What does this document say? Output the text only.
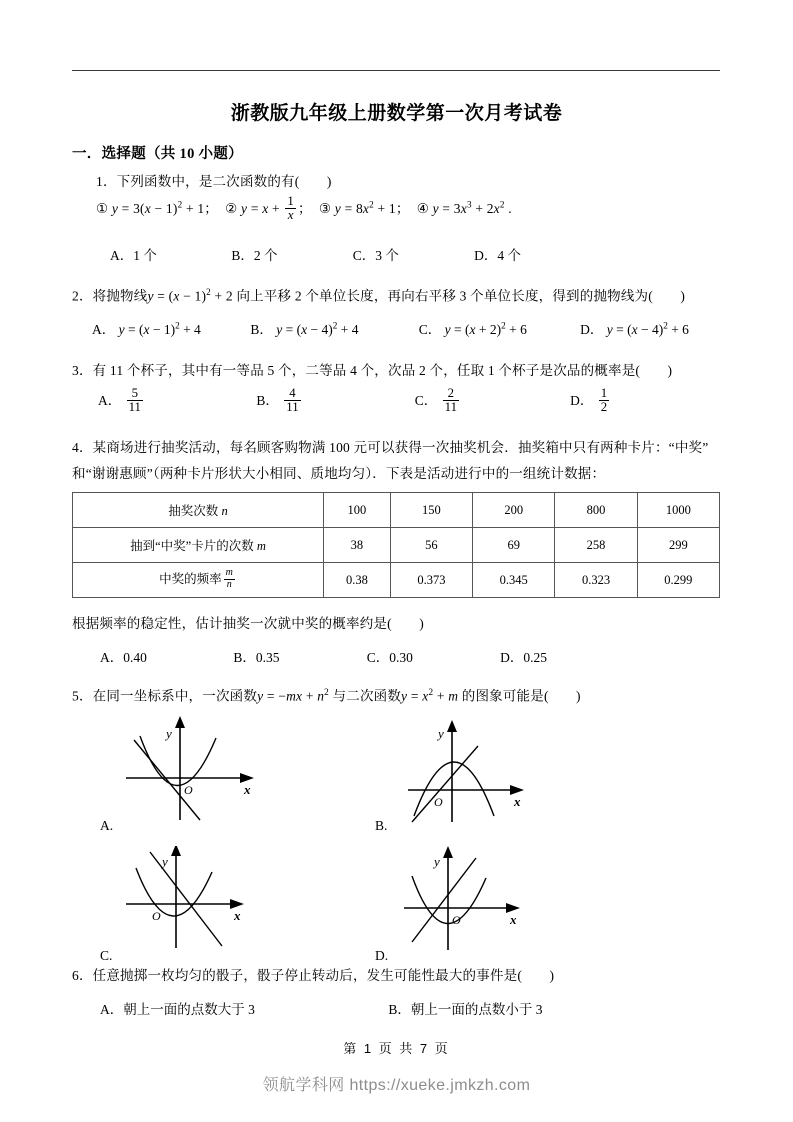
浙教版九年级上册数学第一次月考试卷
一．选择题（共 10 小题）
1．下列函数中，是二次函数的有(　　)
① $y = 3(x - 1)^2 + 1$；  ② $y = x + \frac{1}{x}$ ；  ③ $y = 8x^2 + 1$；  ④ $y = 3x^3 + 2x^2$ .
A．1 个	B．2 个	C．3 个	D．4 个
2．将抛物线$y = (x - 1)^2 + 2$ 向上平移 2 个单位长度，再向右平移 3 个单位长度，得到的抛物线为(　　)
A． $y = (x - 1)^2 + 4$	B． $y = (x - 4)^2 + 4$	C． $y = (x + 2)^2 + 6$	D． $y = (x - 4)^2 + 6$
3．有 11 个杯子，其中有一等品 5 个，二等品 4 个，次品 2 个，任取 1 个杯子是次品的概率是(　　)
A． $\frac{5}{11}$	B． $\frac{4}{11}$	C． $\frac{2}{11}$	D． $\frac{1}{2}$
4．某商场进行抽奖活动，每名顾客购物满 100 元可以获得一次抽奖机会．抽奖箱中只有两种卡片：“中奖”
和“谢谢惠顾”（两种卡片形状大小相同、质地均匀）．下表是活动进行中的一组统计数据：
抽奖次数 n	100	150	200	800	1000
抽到“中奖”卡片的次数 m	38	56	69	258	299
中奖的频率 $\frac{m}{n}$	0.38	0.373	0.345	0.323	0.299
根据频率的稳定性，估计抽奖一次就中奖的概率约是(　　)
A．0.40	B．0.35	C．0.30	D．0.25
5．在同一坐标系中，一次函数$y = -mx + n^2$ 与二次函数$y = x^2 + m$ 的图象可能是(　　)
y
x
O
A.
y
x
O
B.
y
x
O
C.
y
x
O
D.
6．任意抛掷一枚均匀的骰子，骰子停止转动后，发生可能性最大的事件是(　　)
A．朝上一面的点数大于 3	B．朝上一面的点数小于 3
第 1 页 共 7 页
领航学科网 https://xueke.jmkzh.com
